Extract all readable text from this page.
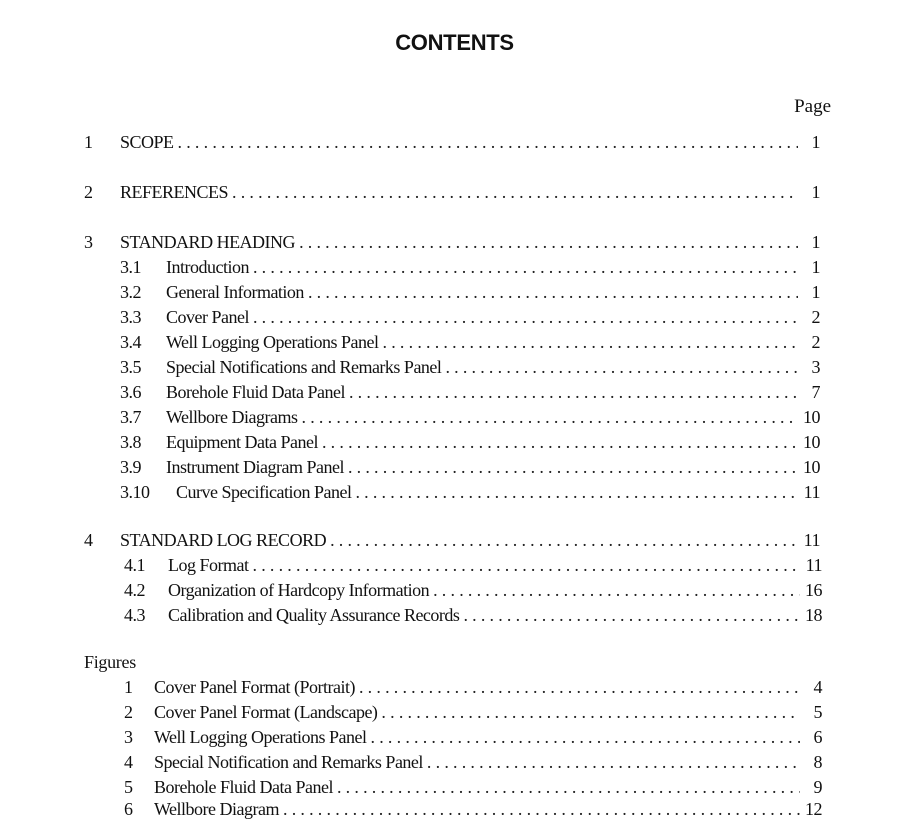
CONTENTS
Page
1	SCOPE .....	1
2	REFERENCES .....	1
3	STANDARD HEADING .....	1
3.1	Introduction .....	1
3.2	General Information .....	1
3.3	Cover Panel .....	2
3.4	Well Logging Operations Panel .....	2
3.5	Special Notifications and Remarks Panel .....	3
3.6	Borehole Fluid Data Panel .....	7
3.7	Wellbore Diagrams .....	10
3.8	Equipment Data Panel .....	10
3.9	Instrument Diagram Panel .....	10
3.10	Curve Specification Panel .....	11
4	STANDARD LOG RECORD .....	11
4.1	Log Format .....	11
4.2	Organization of Hardcopy Information .....	16
4.3	Calibration and Quality Assurance Records .....	18
Figures
1	Cover Panel Format (Portrait) .....	4
2	Cover Panel Format (Landscape) .....	5
3	Well Logging Operations Panel .....	6
4	Special Notification and Remarks Panel .....	8
5	Borehole Fluid Data Panel .....	9
6	Wellbore Diagram .....	12
